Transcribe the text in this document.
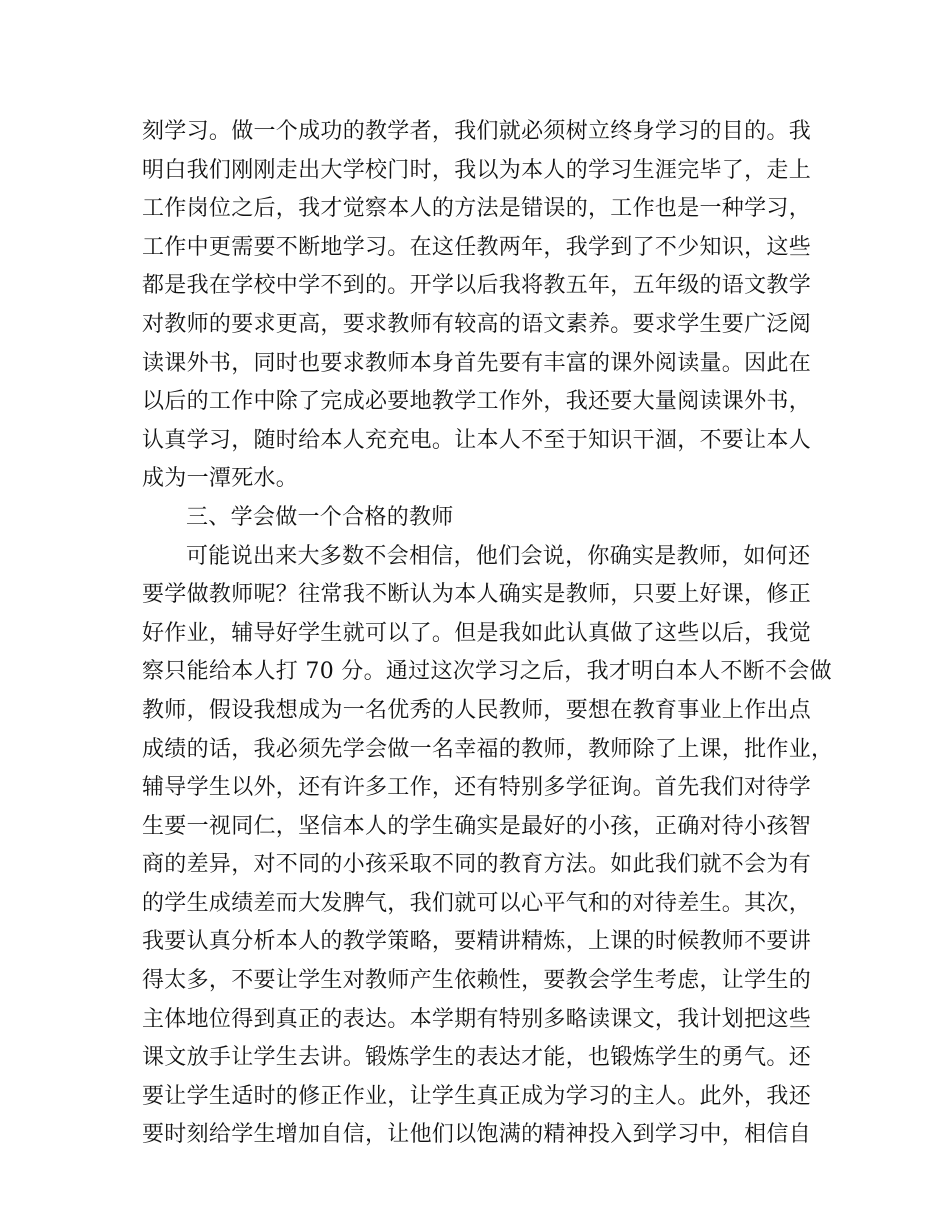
刻学习。做一个成功的教学者，我们就必须树立终身学习的目的。我
明白我们刚刚走出大学校门时，我以为本人的学习生涯完毕了，走上
工作岗位之后，我才觉察本人的方法是错误的，工作也是一种学习，
工作中更需要不断地学习。在这任教两年，我学到了不少知识，这些
都是我在学校中学不到的。开学以后我将教五年，五年级的语文教学
对教师的要求更高，要求教师有较高的语文素养。要求学生要广泛阅
读课外书，同时也要求教师本身首先要有丰富的课外阅读量。因此在
以后的工作中除了完成必要地教学工作外，我还要大量阅读课外书，
认真学习，随时给本人充充电。让本人不至于知识干涸，不要让本人
成为一潭死水。
三、学会做一个合格的教师
可能说出来大多数不会相信，他们会说，你确实是教师，如何还
要学做教师呢？往常我不断认为本人确实是教师，只要上好课，修正
好作业，辅导好学生就可以了。但是我如此认真做了这些以后，我觉
察只能给本人打 70 分。通过这次学习之后，我才明白本人不断不会做
教师，假设我想成为一名优秀的人民教师，要想在教育事业上作出点
成绩的话，我必须先学会做一名幸福的教师，教师除了上课，批作业，
辅导学生以外，还有许多工作，还有特别多学征询。首先我们对待学
生要一视同仁，坚信本人的学生确实是最好的小孩，正确对待小孩智
商的差异，对不同的小孩采取不同的教育方法。如此我们就不会为有
的学生成绩差而大发脾气，我们就可以心平气和的对待差生。其次，
我要认真分析本人的教学策略，要精讲精炼，上课的时候教师不要讲
得太多，不要让学生对教师产生依赖性，要教会学生考虑，让学生的
主体地位得到真正的表达。本学期有特别多略读课文，我计划把这些
课文放手让学生去讲。锻炼学生的表达才能，也锻炼学生的勇气。还
要让学生适时的修正作业，让学生真正成为学习的主人。此外，我还
要时刻给学生增加自信，让他们以饱满的精神投入到学习中，相信自
